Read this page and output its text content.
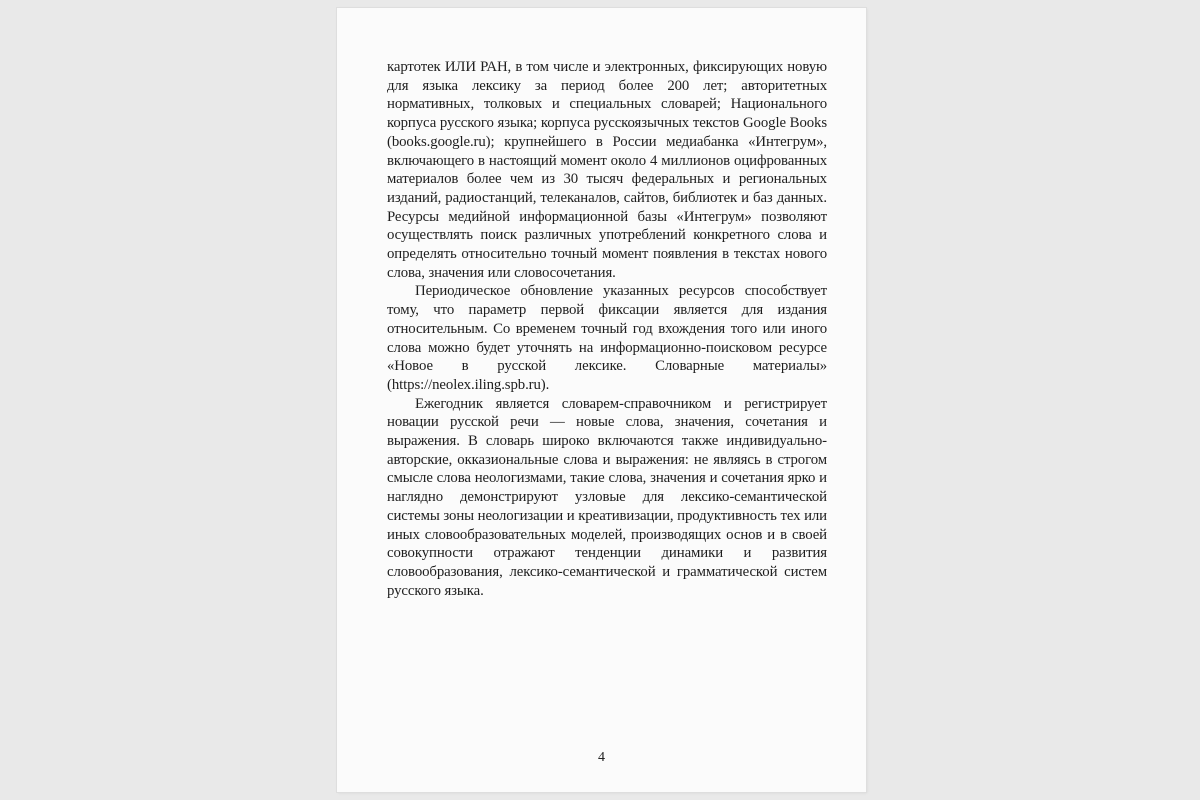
картотек ИЛИ РАН, в том числе и электронных, фиксирующих новую для языка лексику за период более 200 лет; авторитетных нормативных, толковых и специальных словарей; Национального корпуса русского языка; корпуса русскоязычных текстов Google Books (books.google.ru); крупнейшего в России медиабанка «Интегрум», включающего в настоящий момент около 4 миллионов оцифрованных материалов более чем из 30 тысяч федеральных и региональных изданий, радиостанций, телеканалов, сайтов, библиотек и баз данных. Ресурсы медийной информационной базы «Интегрум» позволяют осуществлять поиск различных употреблений конкретного слова и определять относительно точный момент появления в текстах нового слова, значения или словосочетания.

Периодическое обновление указанных ресурсов способствует тому, что параметр первой фиксации является для издания относительным. Со временем точный год вхождения того или иного слова можно будет уточнять на информационно-поисковом ресурсе «Новое в русской лексике. Словарные материалы» (https://neolex.iling.spb.ru).

Ежегодник является словарем-справочником и регистрирует новации русской речи — новые слова, значения, сочетания и выражения. В словарь широко включаются также индивидуально-авторские, окказиональные слова и выражения: не являясь в строгом смысле слова неологизмами, такие слова, значения и сочетания ярко и наглядно демонстрируют узловые для лексико-семантической системы зоны неологизации и креативизации, продуктивность тех или иных словообразовательных моделей, производящих основ и в своей совокупности отражают тенденции динамики и развития словообразования, лексико-семантической и грамматической систем русского языка.

4
